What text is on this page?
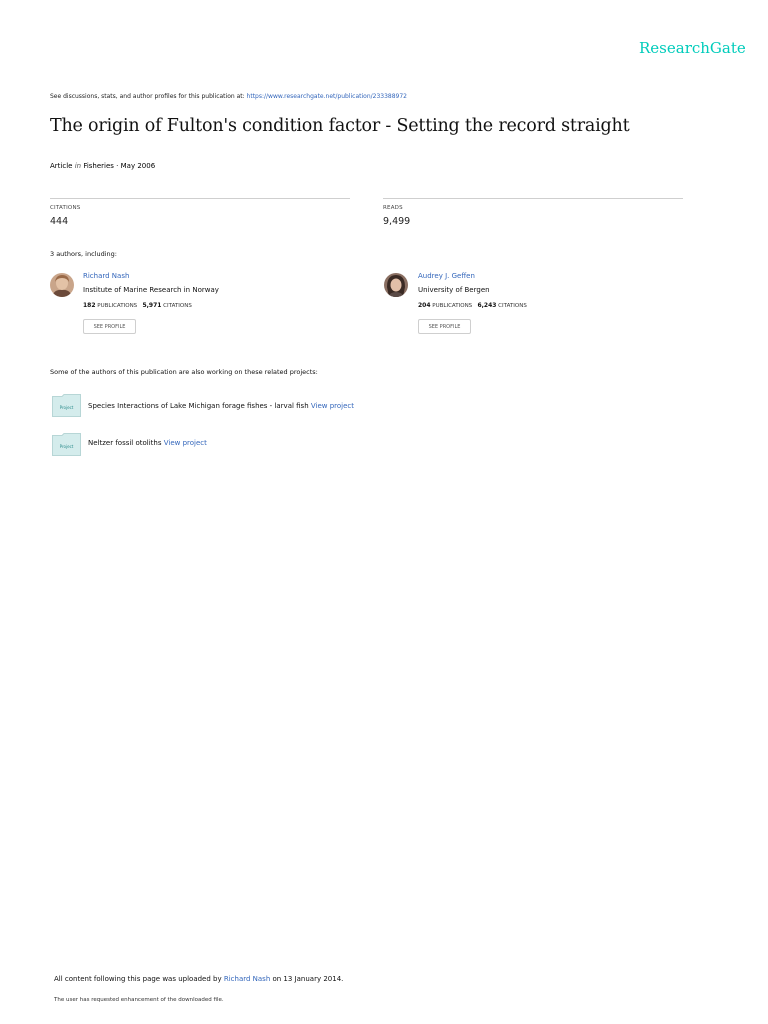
ResearchGate
See discussions, stats, and author profiles for this publication at: https://www.researchgate.net/publication/233388972
The origin of Fulton's condition factor - Setting the record straight
Article in Fisheries · May 2006
CITATIONS
444
READS
9,499
3 authors, including:
Richard Nash
Institute of Marine Research in Norway
182 PUBLICATIONS 5,971 CITATIONS
SEE PROFILE
Audrey J. Geffen
University of Bergen
204 PUBLICATIONS 6,243 CITATIONS
SEE PROFILE
Some of the authors of this publication are also working on these related projects:
Project Species Interactions of Lake Michigan forage fishes - larval fish View project
Project Neltzer fossil otoliths View project
All content following this page was uploaded by Richard Nash on 13 January 2014.
The user has requested enhancement of the downloaded file.
